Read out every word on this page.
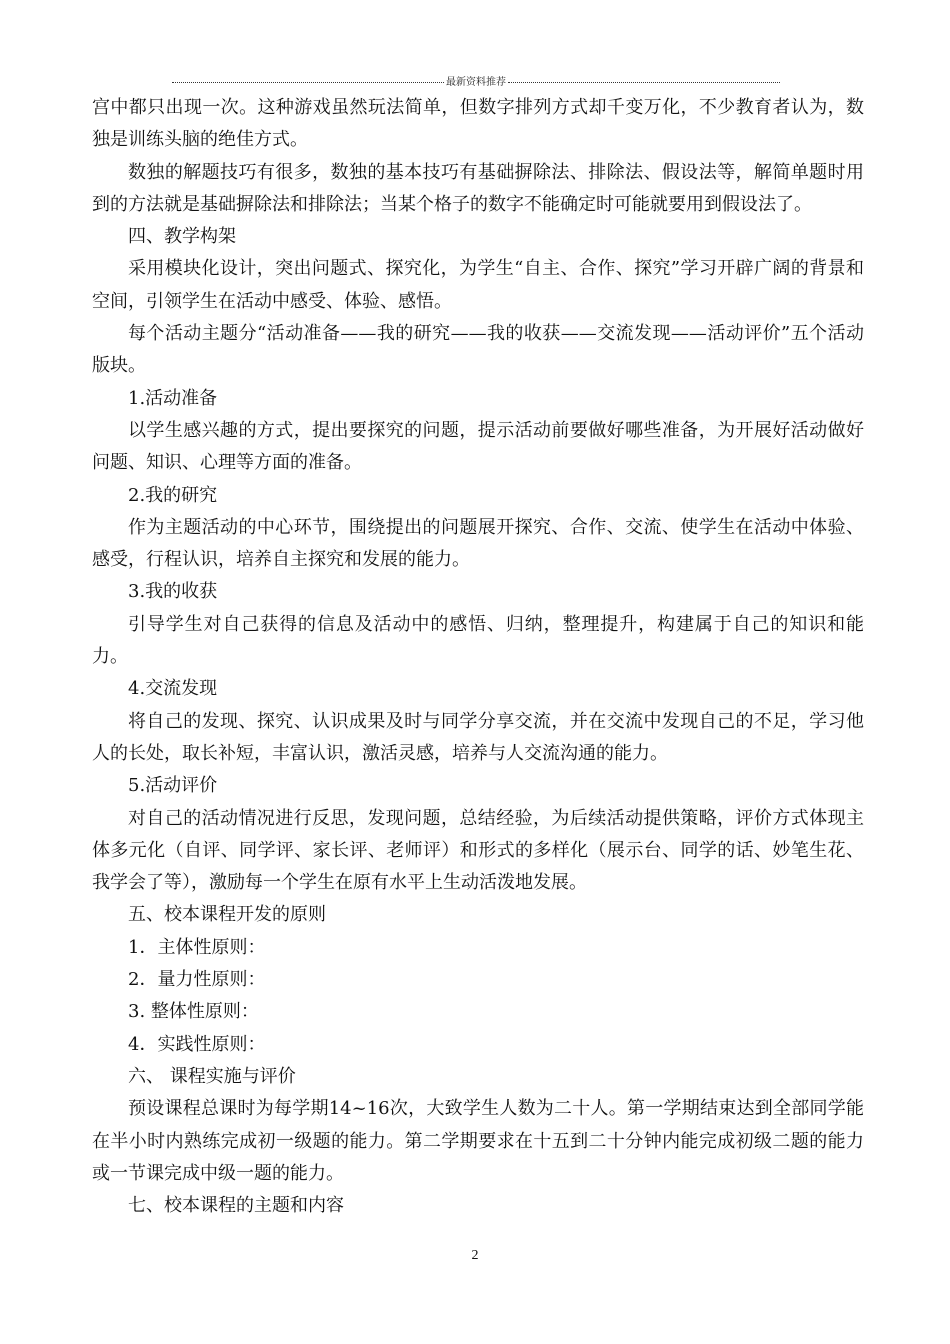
最新资料推荐

宫中都只出现一次。这种游戏虽然玩法简单，但数字排列方式却千变万化，不少教育者认为，数独是训练头脑的绝佳方式。

数独的解题技巧有很多，数独的基本技巧有基础摒除法、排除法、假设法等，解简单题时用到的方法就是基础摒除法和排除法；当某个格子的数字不能确定时可能就要用到假设法了。

四、教学构架

采用模块化设计，突出问题式、探究化，为学生“自主、合作、探究”学习开辟广阔的背景和空间，引领学生在活动中感受、体验、感悟。

每个活动主题分“活动准备——我的研究——我的收获——交流发现——活动评价”五个活动版块。

1.活动准备

以学生感兴趣的方式，提出要探究的问题，提示活动前要做好哪些准备，为开展好活动做好问题、知识、心理等方面的准备。

2.我的研究

作为主题活动的中心环节，围绕提出的问题展开探究、合作、交流、使学生在活动中体验、感受，行程认识，培养自主探究和发展的能力。

3.我的收获

引导学生对自己获得的信息及活动中的感悟、归纳，整理提升，构建属于自己的知识和能力。

4.交流发现

将自己的发现、探究、认识成果及时与同学分享交流，并在交流中发现自己的不足，学习他人的长处，取长补短，丰富认识，激活灵感，培养与人交流沟通的能力。

5.活动评价

对自己的活动情况进行反思，发现问题，总结经验，为后续活动提供策略，评价方式体现主体多元化（自评、同学评、家长评、老师评）和形式的多样化（展示台、同学的话、妙笔生花、我学会了等），激励每一个学生在原有水平上生动活泼地发展。

五、校本课程开发的原则

1．主体性原则：

2．量力性原则：

3. 整体性原则：

4．实践性原则：

六、 课程实施与评价

预设课程总课时为每学期14~16次，大致学生人数为二十人。第一学期结束达到全部同学能在半小时内熟练完成初一级题的能力。第二学期要求在十五到二十分钟内能完成初级二题的能力或一节课完成中级一题的能力。

七、校本课程的主题和内容

2
